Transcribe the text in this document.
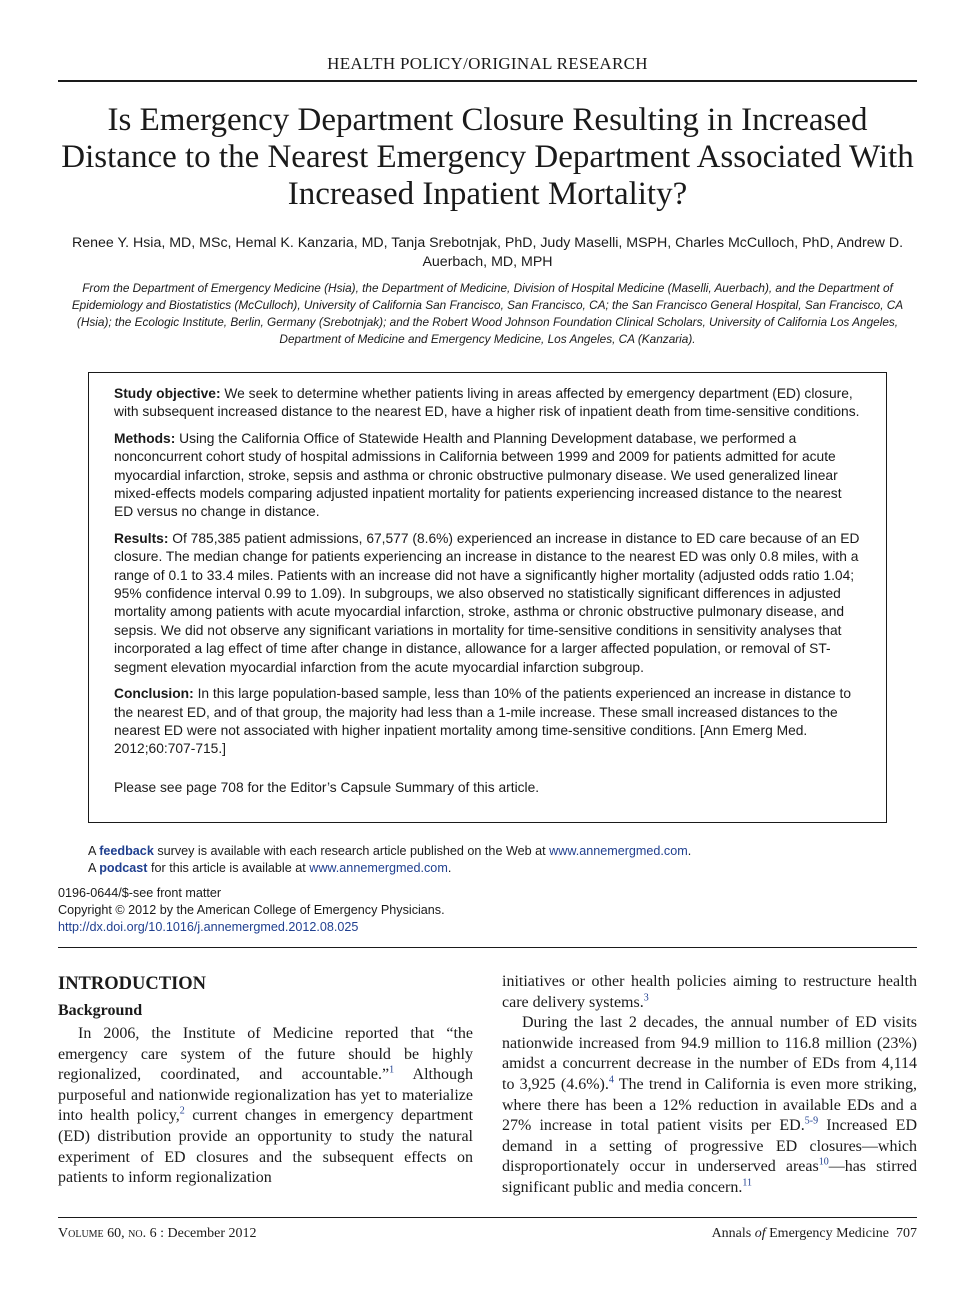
HEALTH POLICY/ORIGINAL RESEARCH
Is Emergency Department Closure Resulting in Increased Distance to the Nearest Emergency Department Associated With Increased Inpatient Mortality?
Renee Y. Hsia, MD, MSc, Hemal K. Kanzaria, MD, Tanja Srebotnjak, PhD, Judy Maselli, MSPH, Charles McCulloch, PhD, Andrew D. Auerbach, MD, MPH
From the Department of Emergency Medicine (Hsia), the Department of Medicine, Division of Hospital Medicine (Maselli, Auerbach), and the Department of Epidemiology and Biostatistics (McCulloch), University of California San Francisco, San Francisco, CA; the San Francisco General Hospital, San Francisco, CA (Hsia); the Ecologic Institute, Berlin, Germany (Srebotnjak); and the Robert Wood Johnson Foundation Clinical Scholars, University of California Los Angeles, Department of Medicine and Emergency Medicine, Los Angeles, CA (Kanzaria).

Study objective: We seek to determine whether patients living in areas affected by emergency department (ED) closure, with subsequent increased distance to the nearest ED, have a higher risk of inpatient death from time-sensitive conditions.

Methods: Using the California Office of Statewide Health and Planning Development database, we performed a nonconcurrent cohort study of hospital admissions in California between 1999 and 2009 for patients admitted for acute myocardial infarction, stroke, sepsis and asthma or chronic obstructive pulmonary disease. We used generalized linear mixed-effects models comparing adjusted inpatient mortality for patients experiencing increased distance to the nearest ED versus no change in distance.

Results: Of 785,385 patient admissions, 67,577 (8.6%) experienced an increase in distance to ED care because of an ED closure. The median change for patients experiencing an increase in distance to the nearest ED was only 0.8 miles, with a range of 0.1 to 33.4 miles. Patients with an increase did not have a significantly higher mortality (adjusted odds ratio 1.04; 95% confidence interval 0.99 to 1.09). In subgroups, we also observed no statistically significant differences in adjusted mortality among patients with acute myocardial infarction, stroke, asthma or chronic obstructive pulmonary disease, and sepsis. We did not observe any significant variations in mortality for time-sensitive conditions in sensitivity analyses that incorporated a lag effect of time after change in distance, allowance for a larger affected population, or removal of ST-segment elevation myocardial infarction from the acute myocardial infarction subgroup.

Conclusion: In this large population-based sample, less than 10% of the patients experienced an increase in distance to the nearest ED, and of that group, the majority had less than a 1-mile increase. These small increased distances to the nearest ED were not associated with higher inpatient mortality among time-sensitive conditions. [Ann Emerg Med. 2012;60:707-715.]

Please see page 708 for the Editor’s Capsule Summary of this article.

A feedback survey is available with each research article published on the Web at www.annemergmed.com.
A podcast for this article is available at www.annemergmed.com.
0196-0644/$-see front matter
Copyright © 2012 by the American College of Emergency Physicians.
http://dx.doi.org/10.1016/j.annemergmed.2012.08.025
INTRODUCTION
Background

In 2006, the Institute of Medicine reported that “the emergency care system of the future should be highly regionalized, coordinated, and accountable.”$^1$ Although purposeful and nationwide regionalization has yet to materialize into health policy,$^2$ current changes in emergency department (ED) distribution provide an opportunity to study the natural experiment of ED closures and the subsequent effects on patients to inform regionalization

initiatives or other health policies aiming to restructure health care delivery systems.$^3$

During the last 2 decades, the annual number of ED visits nationwide increased from 94.9 million to 116.8 million (23%) amidst a concurrent decrease in the number of EDs from 4,114 to 3,925 (4.6%).$^4$ The trend in California is even more striking, where there has been a 12% reduction in available EDs and a 27% increase in total patient visits per ED.$^{5-9}$ Increased ED demand in a setting of progressive ED closures—which disproportionately occur in underserved areas$^{10}$—has stirred significant public and media concern.$^{11}$

Volume 60, no. 6 : December 2012	Annals of Emergency Medicine 707
